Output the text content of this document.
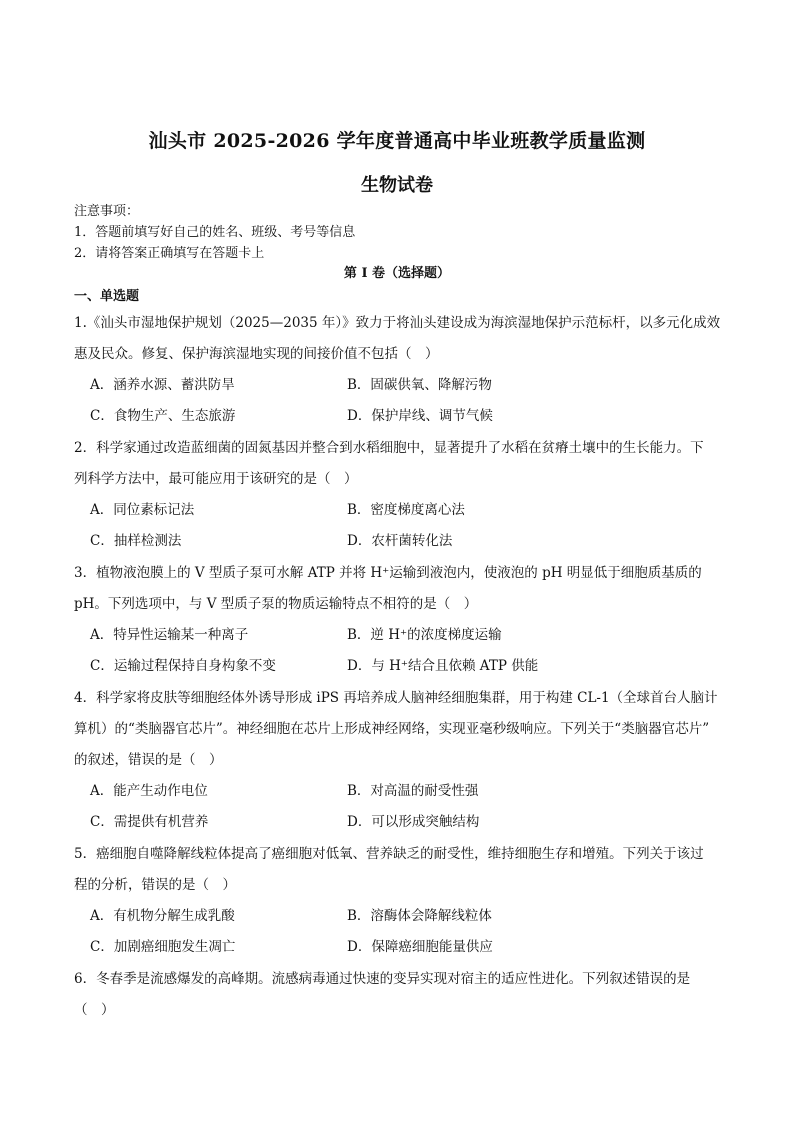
汕头市 2025-2026 学年度普通高中毕业班教学质量监测
生物试卷
注意事项：
1．答题前填写好自己的姓名、班级、考号等信息
2．请将答案正确填写在答题卡上
第 I 卷（选择题）
一、单选题
1.《汕头市湿地保护规划（2025—2035 年）》致力于将汕头建设成为海滨湿地保护示范标杆，以多元化成效
惠及民众。修复、保护海滨湿地实现的间接价值不包括（　）
A．涵养水源、蓄洪防旱	B．固碳供氧、降解污物
C．食物生产、生态旅游	D．保护岸线、调节气候
2．科学家通过改造蓝细菌的固氮基因并整合到水稻细胞中，显著提升了水稻在贫瘠土壤中的生长能力。下
列科学方法中，最可能应用于该研究的是（　）
A．同位素标记法	B．密度梯度离心法
C．抽样检测法	D．农杆菌转化法
3．植物液泡膜上的 V 型质子泵可水解 ATP 并将 H⁺运输到液泡内，使液泡的 pH 明显低于细胞质基质的
pH。下列选项中，与 V 型质子泵的物质运输特点不相符的是（　）
A．特异性运输某一种离子	B．逆 H⁺的浓度梯度运输
C．运输过程保持自身构象不变	D．与 H⁺结合且依赖 ATP 供能
4．科学家将皮肤等细胞经体外诱导形成 iPS 再培养成人脑神经细胞集群，用于构建 CL-1（全球首台人脑计
算机）的“类脑器官芯片”。神经细胞在芯片上形成神经网络，实现亚毫秒级响应。下列关于“类脑器官芯片”
的叙述，错误的是（　）
A．能产生动作电位	B．对高温的耐受性强
C．需提供有机营养	D．可以形成突触结构
5．癌细胞自噬降解线粒体提高了癌细胞对低氧、营养缺乏的耐受性，维持细胞生存和增殖。下列关于该过
程的分析，错误的是（　）
A．有机物分解生成乳酸	B．溶酶体会降解线粒体
C．加剧癌细胞发生凋亡	D．保障癌细胞能量供应
6．冬春季是流感爆发的高峰期。流感病毒通过快速的变异实现对宿主的适应性进化。下列叙述错误的是
（　）
